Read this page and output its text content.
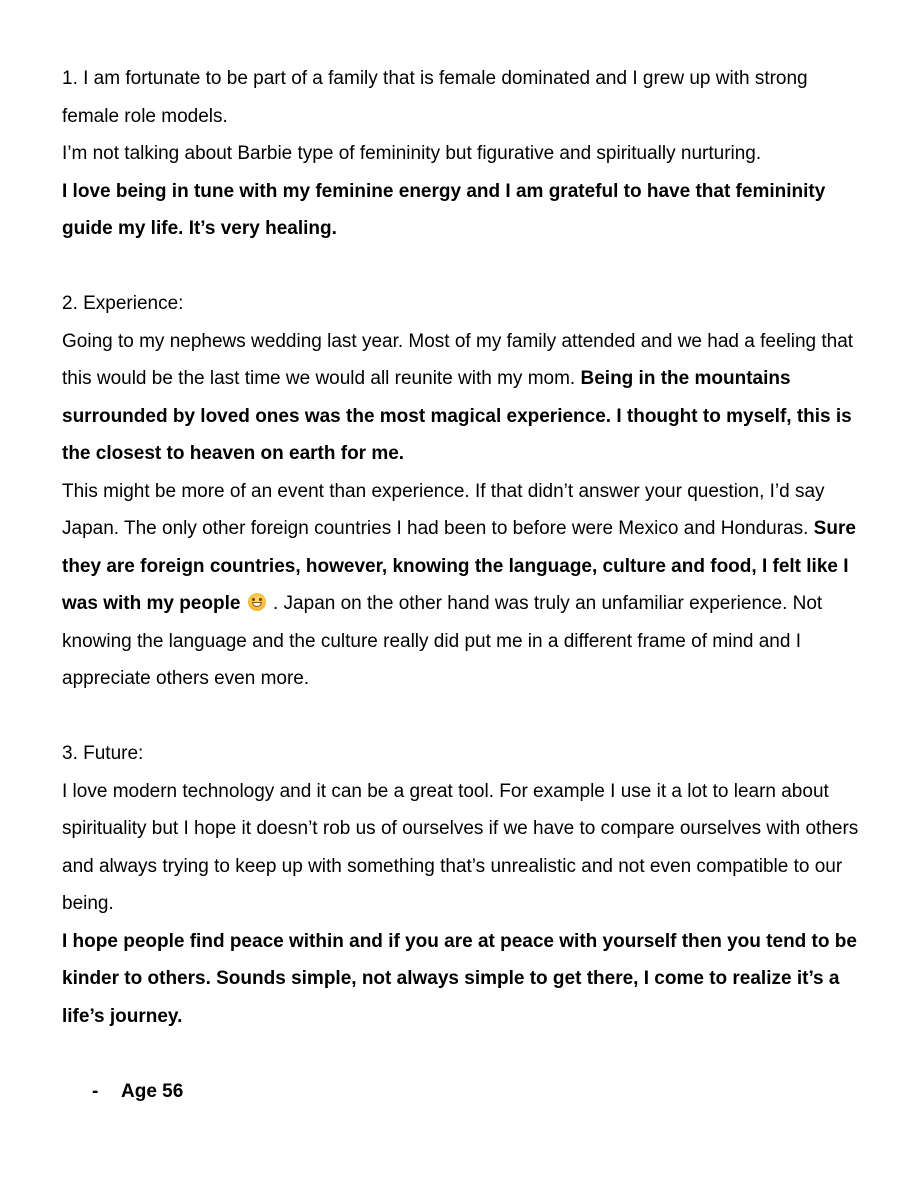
1. I am fortunate to be part of a family that is female dominated and I grew up with strong female role models.

I’m not talking about Barbie type of femininity but figurative and spiritually nurturing.

I love being in tune with my feminine energy and I am grateful to have that femininity guide my life. It’s very healing.

2. Experience:

Going to my nephews wedding last year. Most of my family attended and we had a feeling that this would be the last time we would all reunite with my mom. Being in the mountains surrounded by loved ones was the most magical experience. I thought to myself, this is the closest to heaven on earth for me.

This might be more of an event than experience. If that didn’t answer your question, I’d say Japan. The only other foreign countries I had been to before were Mexico and Honduras. Sure they are foreign countries, however, knowing the language, culture and food, I felt like I was with my people  . Japan on the other hand was truly an unfamiliar experience. Not knowing the language and the culture really did put me in a different frame of mind and I appreciate others even more.

3. Future:

I love modern technology and it can be a great tool. For example I use it a lot to learn about spirituality but I hope it doesn’t rob us of ourselves if we have to compare ourselves with others and always trying to keep up with something that’s unrealistic and not even compatible to our being.

I hope people find peace within and if you are at peace with yourself then you tend to be kinder to others. Sounds simple, not always simple to get there, I come to realize it’s a life’s journey.

- Age 56
